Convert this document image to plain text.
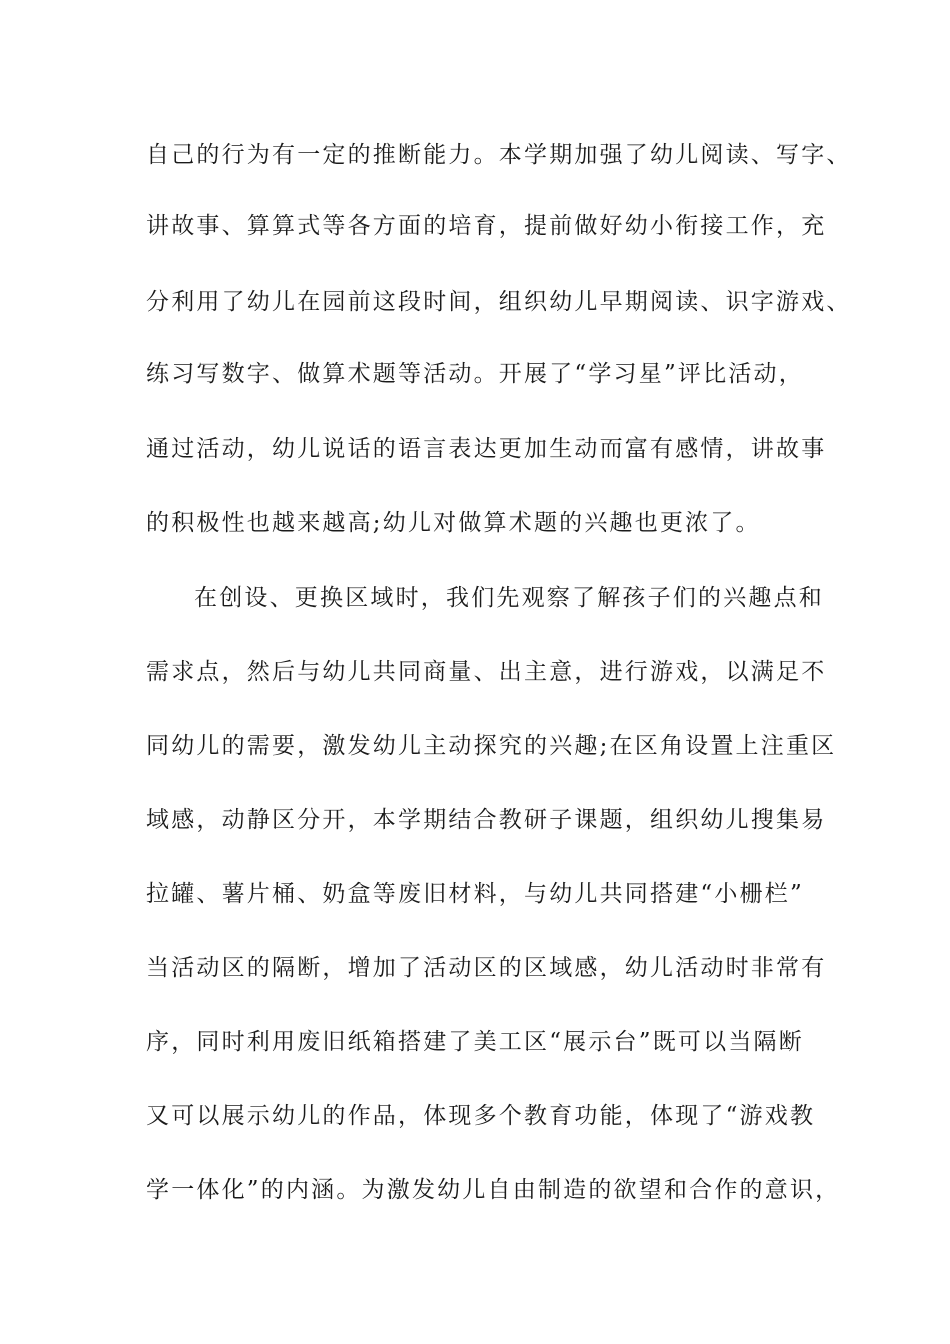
自己的行为有一定的推断能力。本学期加强了幼儿阅读、写字、
讲故事、算算式等各方面的培育，提前做好幼小衔接工作，充
分利用了幼儿在园前这段时间，组织幼儿早期阅读、识字游戏、
练习写数字、做算术题等活动。开展了“学习星”评比活动，
通过活动，幼儿说话的语言表达更加生动而富有感情，讲故事
的积极性也越来越高;幼儿对做算术题的兴趣也更浓了。
在创设、更换区域时，我们先观察了解孩子们的兴趣点和
需求点，然后与幼儿共同商量、出主意，进行游戏，以满足不
同幼儿的需要，激发幼儿主动探究的兴趣;在区角设置上注重区
域感，动静区分开，本学期结合教研子课题，组织幼儿搜集易
拉罐、薯片桶、奶盒等废旧材料，与幼儿共同搭建“小栅栏”
当活动区的隔断，增加了活动区的区域感，幼儿活动时非常有
序，同时利用废旧纸箱搭建了美工区“展示台”既可以当隔断
又可以展示幼儿的作品，体现多个教育功能，体现了“游戏教
学一体化”的内涵。为激发幼儿自由制造的欲望和合作的意识，
